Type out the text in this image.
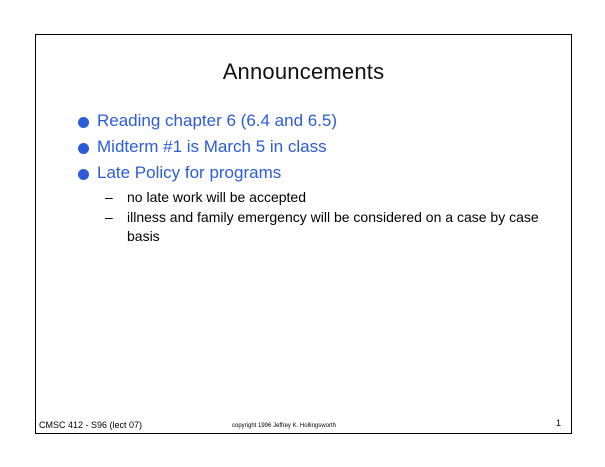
Announcements
Reading chapter 6 (6.4 and 6.5)
Midterm #1 is March 5 in class
Late Policy for programs
– no late work will be accepted
– illness and family emergency will be considered on a case by case basis
CMSC 412 - S96 (lect 07)	copyright 1996 Jeffrey K. Hollingsworth	1
